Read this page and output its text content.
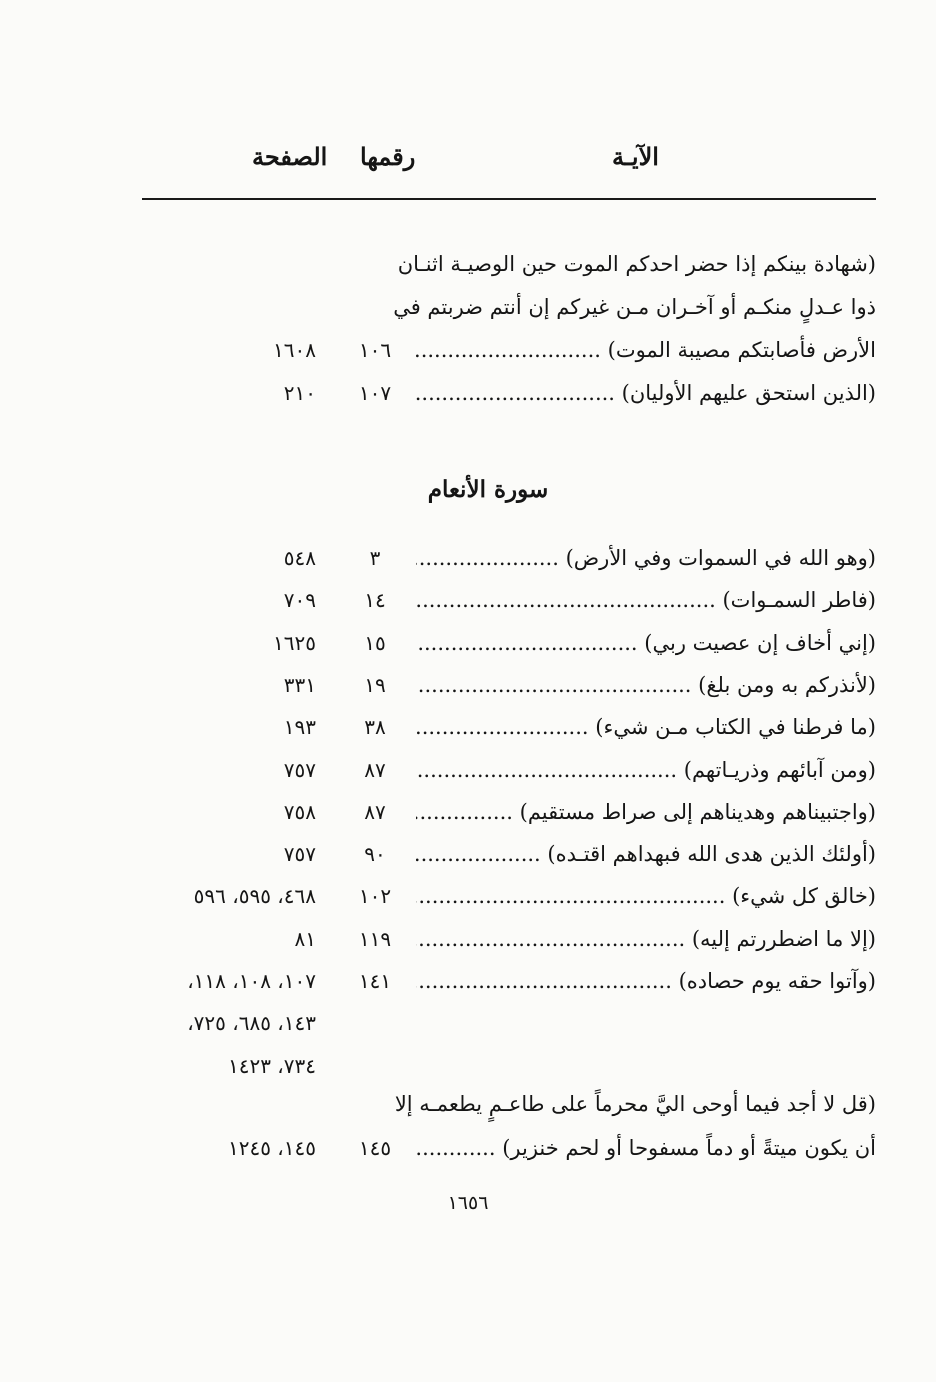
الآيـة
رقمها
الصفحة
(شهادة بينكم إذا حضر احدكم الموت حين الوصيـة اثنـان
ذوا عـدلٍ منكـم أو آخـران مـن غيركم إن أنتم ضربتم في
الأرض فأصابتكم مصيبة الموت) .....
١٠٦
١٦٠٨
(الذين استحق عليهم الأوليان) .....
١٠٧
٢١٠
سورة الأنعام
(وهو الله في السموات وفي الأرض) .....
٣
٥٤٨
(فاطر السمـوات) .....
١٤
٧٠٩
(إني أخاف إن عصيت ربي) .....
١٥
١٦٢٥
(لأنذركم به ومن بلغ) .....
١٩
٣٣١
(ما فرطنا في الكتاب مـن شيء) .....
٣٨
١٩٣
(ومن آبائهم وذريـاتهم) .....
٨٧
٧٥٧
(واجتبيناهم وهديناهم إلى صراط مستقيم) .....
٨٧
٧٥٨
(أولئك الذين هدى الله فبهداهم اقتـده) .....
٩٠
٧٥٧
(خالق كل شيء) .....
١٠٢
٤٦٨، ٥٩٥، ٥٩٦
(إلا ما اضطررتم إليه) .....
١١٩
٨١
(وآتوا حقه يوم حصاده) .....
١٤١
١٠٧، ١٠٨، ١١٨،
١٤٣، ٦٨٥، ٧٢٥،
٧٣٤، ١٤٢٣
(قل لا أجد فيما أوحى اليَّ محرماً على طاعـمٍ يطعمـه إلا
أن يكون ميتةً أو دماً مسفوحا أو لحم خنزير) .....
١٤٥
١٤٥، ١٢٤٥
١٦٥٦
